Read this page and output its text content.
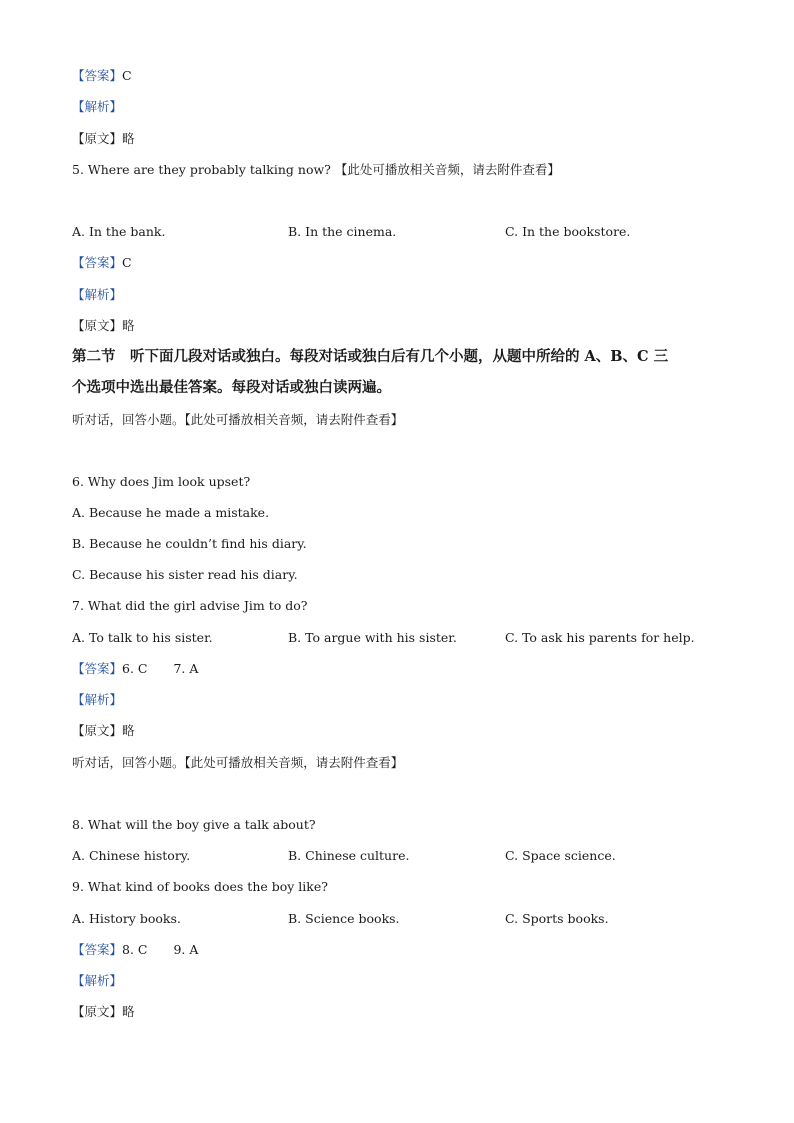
【答案】C
【解析】
【原文】略
5. Where are they probably talking now? 【此处可播放相关音频，请去附件查看】
A. In the bank.	B. In the cinema.	C. In the bookstore.
【答案】C
【解析】
【原文】略
第二节　听下面几段对话或独白。每段对话或独白后有几个小题，从题中所给的 A、B、C 三
个选项中选出最佳答案。每段对话或独白读两遍。
听对话，回答小题。【此处可播放相关音频，请去附件查看】
6. Why does Jim look upset?
A. Because he made a mistake.
B. Because he couldn’t find his diary.
C. Because his sister read his diary.
7. What did the girl advise Jim to do?
A. To talk to his sister.	B. To argue with his sister.	C. To ask his parents for help.
【答案】6. C 7. A
【解析】
【原文】略
听对话，回答小题。【此处可播放相关音频，请去附件查看】
8. What will the boy give a talk about?
A. Chinese history.	B. Chinese culture.	C. Space science.
9. What kind of books does the boy like?
A. History books.	B. Science books.	C. Sports books.
【答案】8. C 9. A
【解析】
【原文】略
